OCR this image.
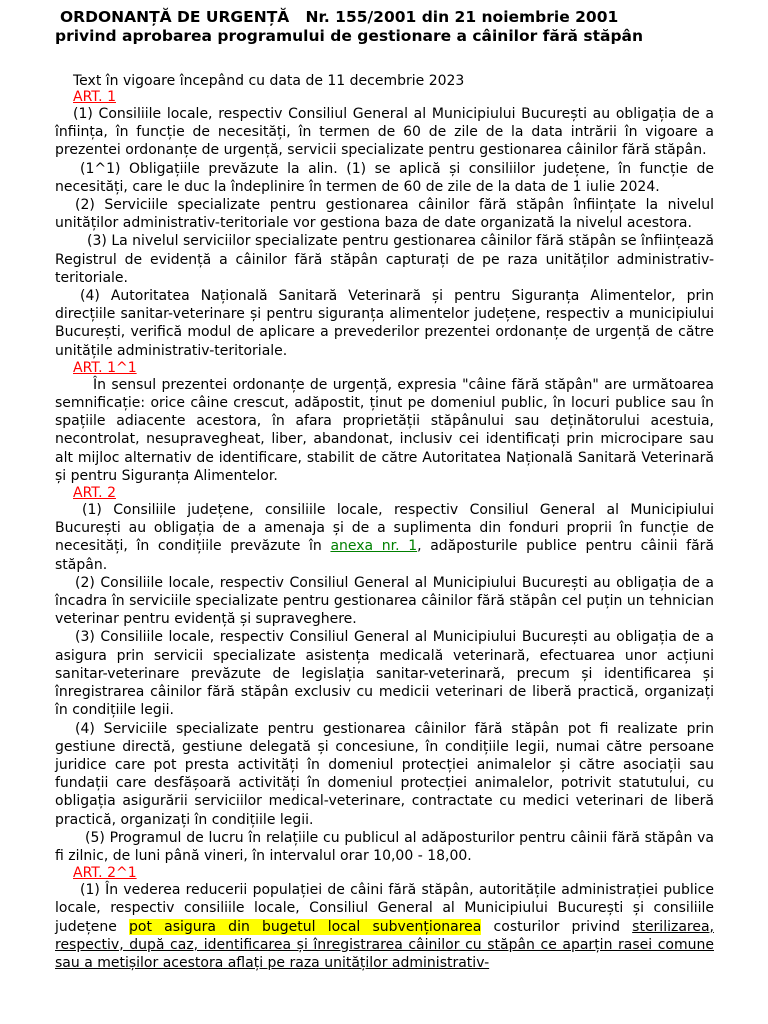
ORDONANȚĂ DE URGENȚĂ   Nr. 155/2001 din 21 noiembrie 2001
privind aprobarea programului de gestionare a câinilor fără stăpân
Text în vigoare începând cu data de 11 decembrie 2023
ART. 1

(1) Consiliile locale, respectiv Consiliul General al Municipiului București au obligația de a înființa, în funcție de necesități, în termen de 60 de zile de la data intrării în vigoare a prezentei ordonanțe de urgență, servicii specializate pentru gestionarea câinilor fără stăpân.

(1^1) Obligațiile prevăzute la alin. (1) se aplică și consiliilor județene, în funcție de necesități, care le duc la îndeplinire în termen de 60 de zile de la data de 1 iulie 2024.

(2) Serviciile specializate pentru gestionarea câinilor fără stăpân înființate la nivelul unităților administrativ-teritoriale vor gestiona baza de date organizată la nivelul acestora.

(3) La nivelul serviciilor specializate pentru gestionarea câinilor fără stăpân se înființează Registrul de evidență a câinilor fără stăpân capturați de pe raza unităților administrativ-teritoriale.

(4) Autoritatea Națională Sanitară Veterinară și pentru Siguranța Alimentelor, prin direcțiile sanitar-veterinare și pentru siguranța alimentelor județene, respectiv a municipiului București, verifică modul de aplicare a prevederilor prezentei ordonanțe de urgență de către unitățile administrativ-teritoriale.

ART. 1^1

În sensul prezentei ordonanțe de urgență, expresia "câine fără stăpân" are următoarea semnificație: orice câine crescut, adăpostit, ținut pe domeniul public, în locuri publice sau în spațiile adiacente acestora, în afara proprietății stăpânului sau deținătorului acestuia, necontrolat, nesupravegheat, liber, abandonat, inclusiv cei identificați prin microcipare sau alt mijloc alternativ de identificare, stabilit de către Autoritatea Națională Sanitară Veterinară și pentru Siguranța Alimentelor.

ART. 2

(1) Consiliile județene, consiliile locale, respectiv Consiliul General al Municipiului București au obligația de a amenaja și de a suplimenta din fonduri proprii în funcție de necesități, în condițiile prevăzute în anexa nr. 1, adăposturile publice pentru câinii fără stăpân.

(2) Consiliile locale, respectiv Consiliul General al Municipiului București au obligația de a încadra în serviciile specializate pentru gestionarea câinilor fără stăpân cel puțin un tehnician veterinar pentru evidență și supraveghere.

(3) Consiliile locale, respectiv Consiliul General al Municipiului București au obligația de a asigura prin servicii specializate asistența medicală veterinară, efectuarea unor acțiuni sanitar-veterinare prevăzute de legislația sanitar-veterinară, precum și identificarea și înregistrarea câinilor fără stăpân exclusiv cu medicii veterinari de liberă practică, organizați în condițiile legii.

(4) Serviciile specializate pentru gestionarea câinilor fără stăpân pot fi realizate prin gestiune directă, gestiune delegată și concesiune, în condițiile legii, numai către persoane juridice care pot presta activități în domeniul protecției animalelor și către asociații sau fundații care desfășoară activități în domeniul protecției animalelor, potrivit statutului, cu obligația asigurării serviciilor medical-veterinare, contractate cu medici veterinari de liberă practică, organizați în condițiile legii.

(5) Programul de lucru în relațiile cu publicul al adăposturilor pentru câinii fără stăpân va fi zilnic, de luni până vineri, în intervalul orar 10,00 - 18,00.

ART. 2^1

(1) În vederea reducerii populației de câini fără stăpân, autoritățile administrației publice locale, respectiv consiliile locale, Consiliul General al Municipiului București și consiliile județene pot asigura din bugetul local subvenționarea costurilor privind sterilizarea, respectiv, după caz, identificarea și înregistrarea câinilor cu stăpân ce aparțin rasei comune sau a metișilor acestora aflați pe raza unităților administrativ-
